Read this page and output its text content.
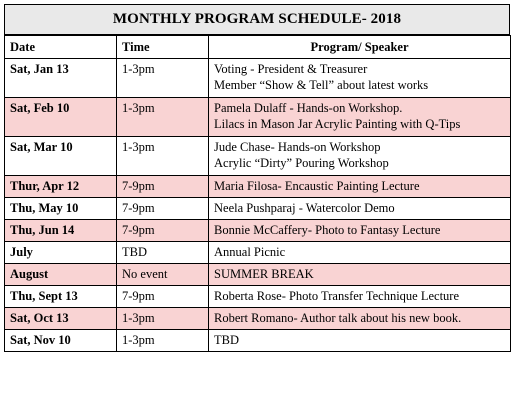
MONTHLY PROGRAM SCHEDULE- 2018
Date	Time	Program/ Speaker
Sat, Jan 13	1-3pm	Voting - President & Treasurer
Member “Show & Tell” about latest works

Sat, Feb 10	1-3pm	Pamela Dulaff - Hands-on Workshop.
Lilacs in Mason Jar Acrylic Painting with Q-Tips

Sat, Mar 10	1-3pm	Jude Chase- Hands-on Workshop
Acrylic “Dirty” Pouring Workshop

Thur, Apr 12	7-9pm	Maria Filosa- Encaustic Painting Lecture
Thu, May 10	7-9pm	Neela Pushparaj - Watercolor Demo
Thu, Jun 14	7-9pm	Bonnie McCaffery- Photo to Fantasy Lecture
July	TBD	Annual Picnic
August	No event	SUMMER BREAK
Thu, Sept 13	7-9pm	Roberta Rose- Photo Transfer Technique Lecture
Sat, Oct 13	1-3pm	Robert Romano- Author talk about his new book.
Sat, Nov 10	1-3pm	TBD
